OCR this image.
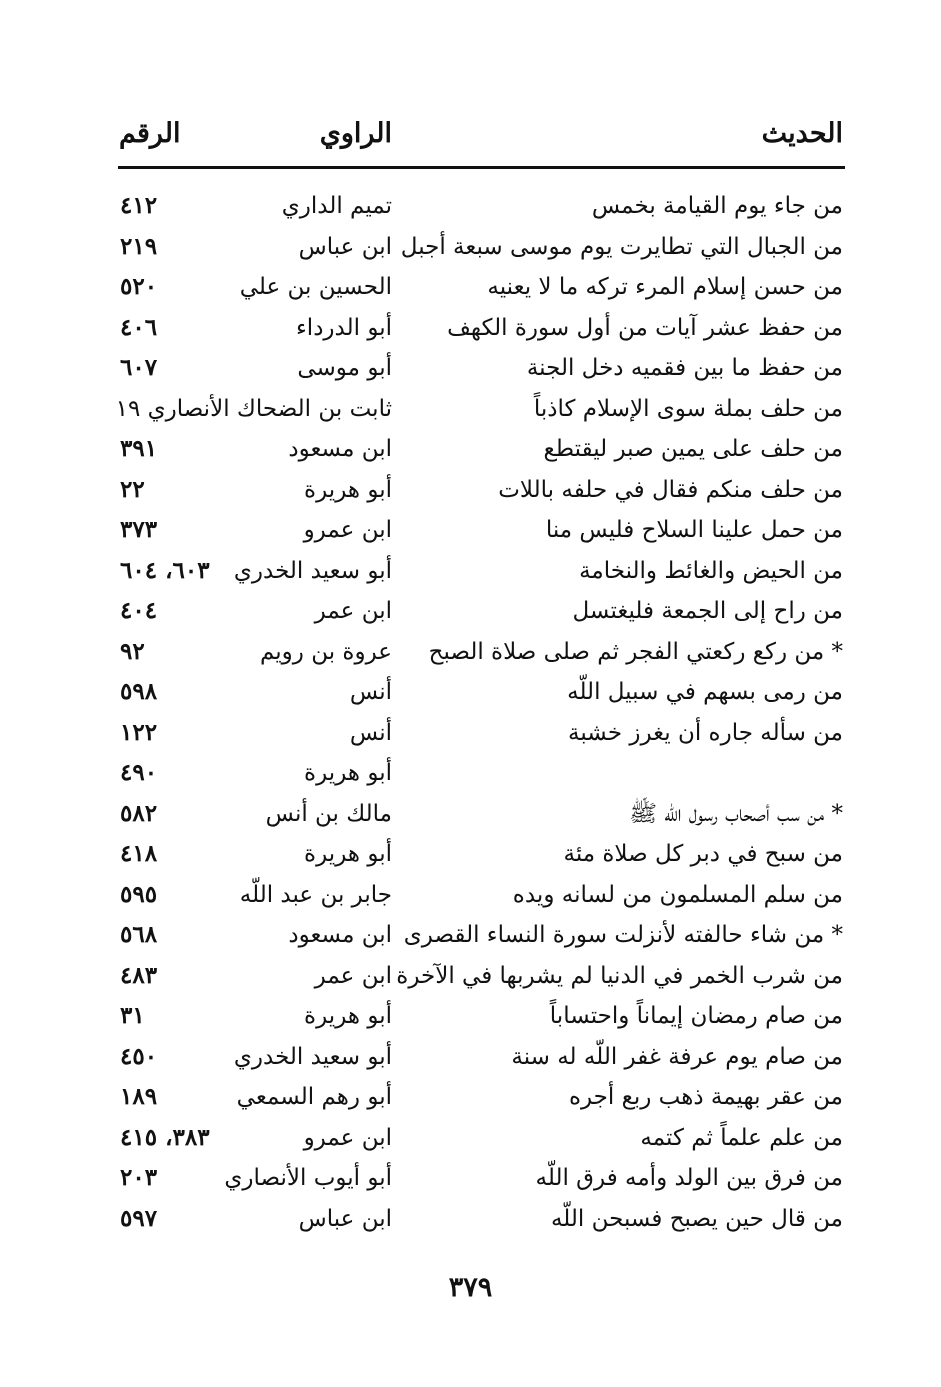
الحديث
الراوي
الرقم
من جاء يوم القيامة بخمس
تميم الداري
٤١٢
من الجبال التي تطايرت يوم موسى سبعة أجبل
ابن عباس
٢١٩
من حسن إسلام المرء تركه ما لا يعنيه
الحسين بن علي
٥٢٠
من حفظ عشر آيات من أول سورة الكهف
أبو الدرداء
٤٠٦
من حفظ ما بين فقميه دخل الجنة
أبو موسى
٦٠٧
من حلف بملة سوى الإسلام كاذباً
ثابت بن الضحاك الأنصاري ١٩
من حلف على يمين صبر ليقتطع
ابن مسعود
٣٩١
من حلف منكم فقال في حلفه باللات
أبو هريرة
٢٢
من حمل علينا السلاح فليس منا
ابن عمرو
٣٧٣
من الحيض والغائط والنخامة
أبو سعيد الخدري
٦٠٣، ٦٠٤
من راح إلى الجمعة فليغتسل
ابن عمر
٤٠٤
* من ركع ركعتي الفجر ثم صلى صلاة الصبح
عروة بن رويم
٩٢
من رمى بسهم في سبيل اللّه
أنس
٥٩٨
من سأله جاره أن يغرز خشبة
أنس
١٢٢
أبو هريرة
٤٩٠
* من سب أصحاب رسول اللّه ﷺ
مالك بن أنس
٥٨٢
من سبح في دبر كل صلاة مئة
أبو هريرة
٤١٨
من سلم المسلمون من لسانه ويده
جابر بن عبد اللّه
٥٩٥
* من شاء حالفته لأنزلت سورة النساء القصرى
ابن مسعود
٥٦٨
من شرب الخمر في الدنيا لم يشربها في الآخرة
ابن عمر
٤٨٣
من صام رمضان إيماناً واحتساباً
أبو هريرة
٣١
من صام يوم عرفة غفر اللّه له سنة
أبو سعيد الخدري
٤٥٠
من عقر بهيمة ذهب ربع أجره
أبو رهم السمعي
١٨٩
من علم علماً ثم كتمه
ابن عمرو
٣٨٣، ٤١٥
من فرق بين الولد وأمه فرق اللّه
أبو أيوب الأنصاري
٢٠٣
من قال حين يصبح فسبحن اللّه
ابن عباس
٥٩٧
٣٧٩
